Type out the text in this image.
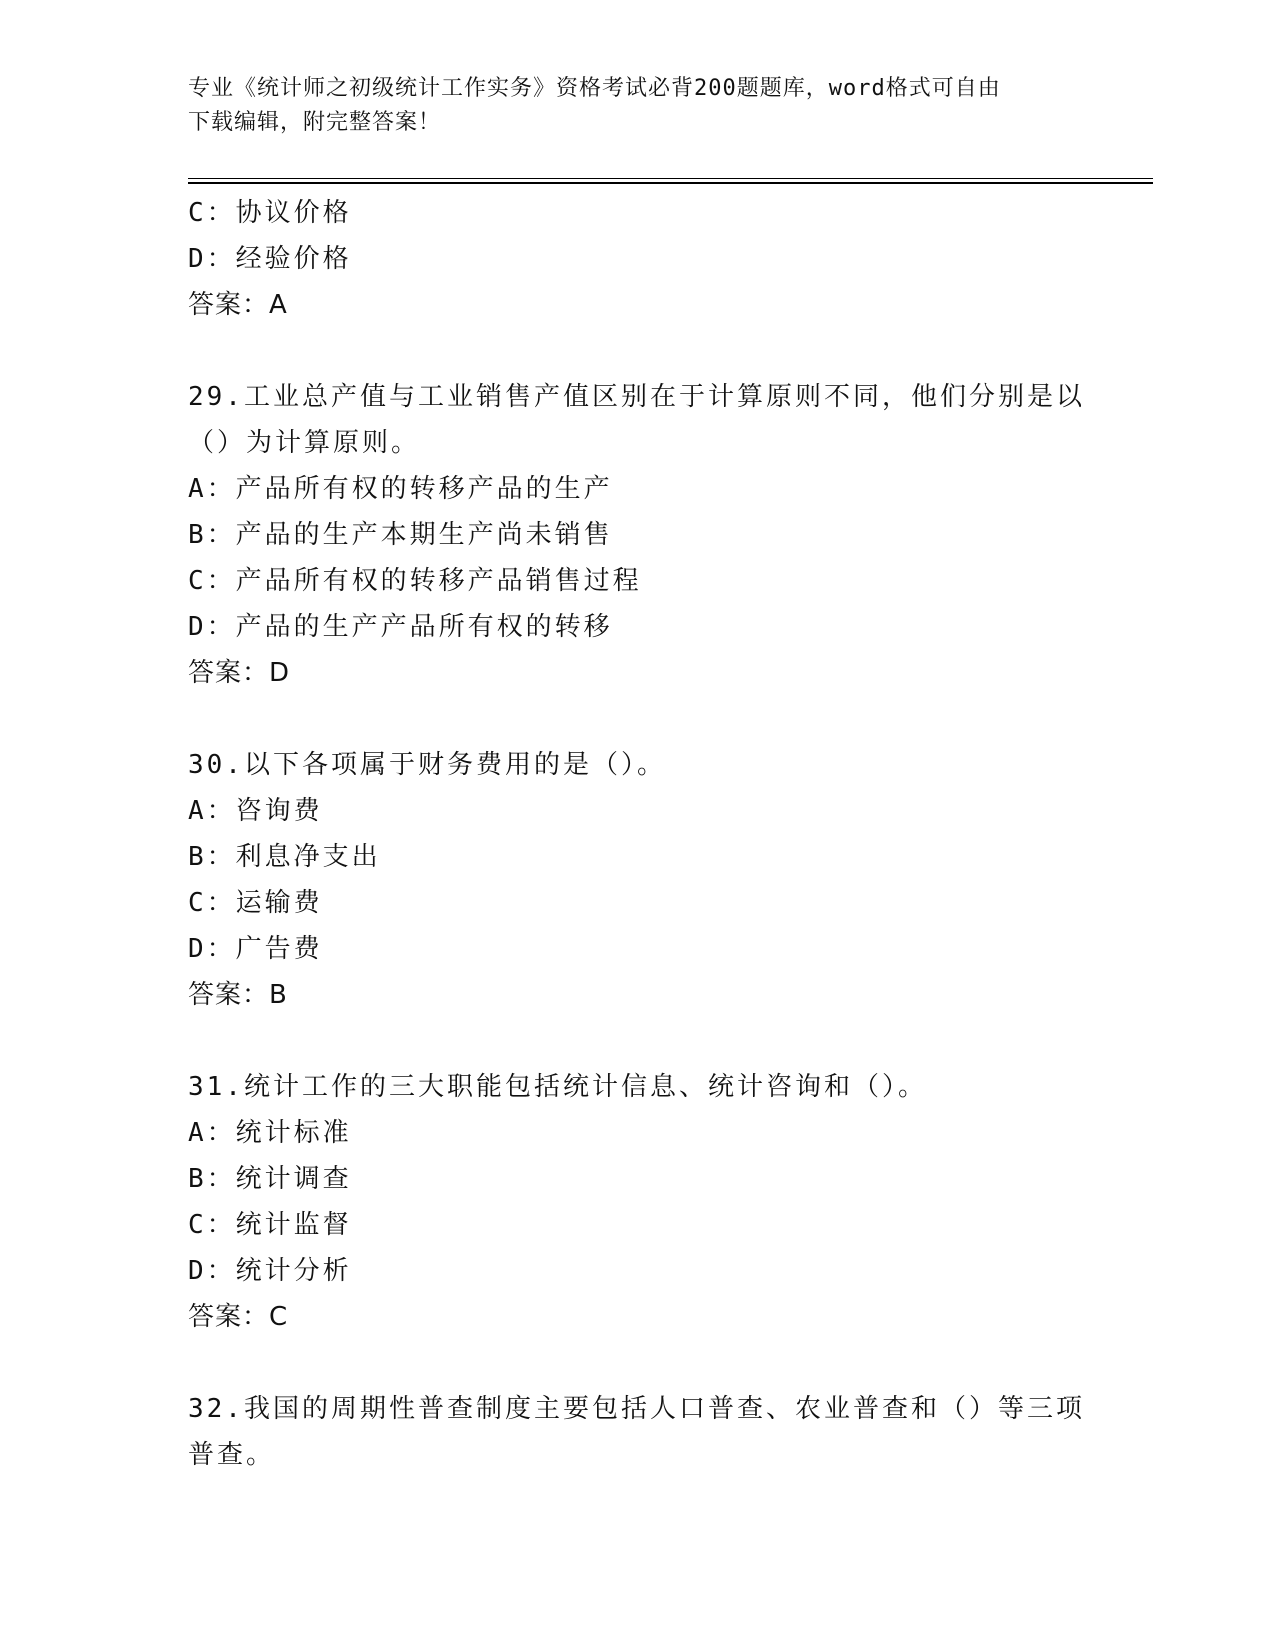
专业《统计师之初级统计工作实务》资格考试必背200题题库，word格式可自由
下载编辑，附完整答案！
C：协议价格
D：经验价格
答案：A
29.工业总产值与工业销售产值区别在于计算原则不同，他们分别是以
（）为计算原则。
A：产品所有权的转移产品的生产
B：产品的生产本期生产尚未销售
C：产品所有权的转移产品销售过程
D：产品的生产产品所有权的转移
答案：D
30.以下各项属于财务费用的是（）。
A：咨询费
B：利息净支出
C：运输费
D：广告费
答案：B
31.统计工作的三大职能包括统计信息、统计咨询和（）。
A：统计标准
B：统计调查
C：统计监督
D：统计分析
答案：C
32.我国的周期性普查制度主要包括人口普查、农业普查和（）等三项
普查。
